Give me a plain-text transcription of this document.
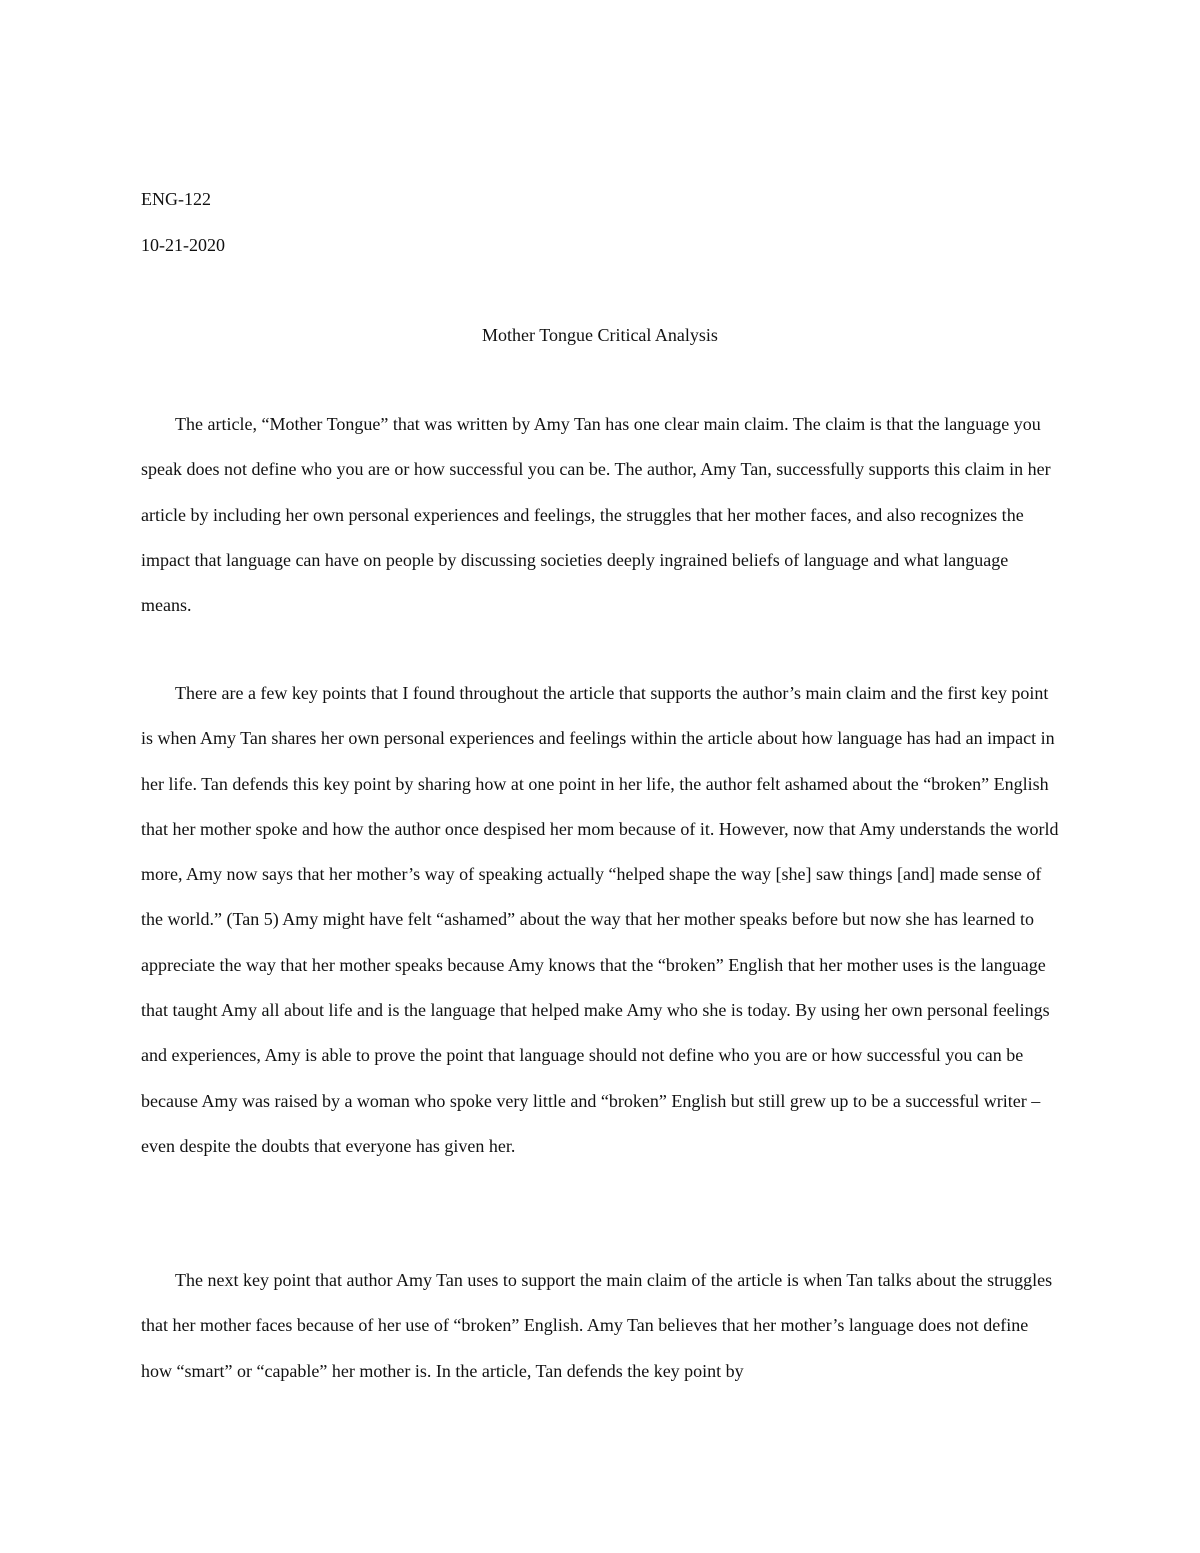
ENG-122
10-21-2020
Mother Tongue Critical Analysis

The article, “Mother Tongue” that was written by Amy Tan has one clear main claim. The claim is that the language you speak does not define who you are or how successful you can be. The author, Amy Tan, successfully supports this claim in her article by including her own personal experiences and feelings, the struggles that her mother faces, and also recognizes the impact that language can have on people by discussing societies deeply ingrained beliefs of language and what language means.

There are a few key points that I found throughout the article that supports the author’s main claim and the first key point is when Amy Tan shares her own personal experiences and feelings within the article about how language has had an impact in her life. Tan defends this key point by sharing how at one point in her life, the author felt ashamed about the “broken” English that her mother spoke and how the author once despised her mom because of it. However, now that Amy understands the world more, Amy now says that her mother’s way of speaking actually “helped shape the way [she] saw things [and] made sense of the world.” (Tan 5) Amy might have felt “ashamed” about the way that her mother speaks before but now she has learned to appreciate the way that her mother speaks because Amy knows that the “broken” English that her mother uses is the language that taught Amy all about life and is the language that helped make Amy who she is today. By using her own personal feelings and experiences, Amy is able to prove the point that language should not define who you are or how successful you can be because Amy was raised by a woman who spoke very little and “broken” English but still grew up to be a successful writer – even despite the doubts that everyone has given her.

The next key point that author Amy Tan uses to support the main claim of the article is when Tan talks about the struggles that her mother faces because of her use of “broken” English. Amy Tan believes that her mother’s language does not define how “smart” or “capable” her mother is. In the article, Tan defends the key point by
